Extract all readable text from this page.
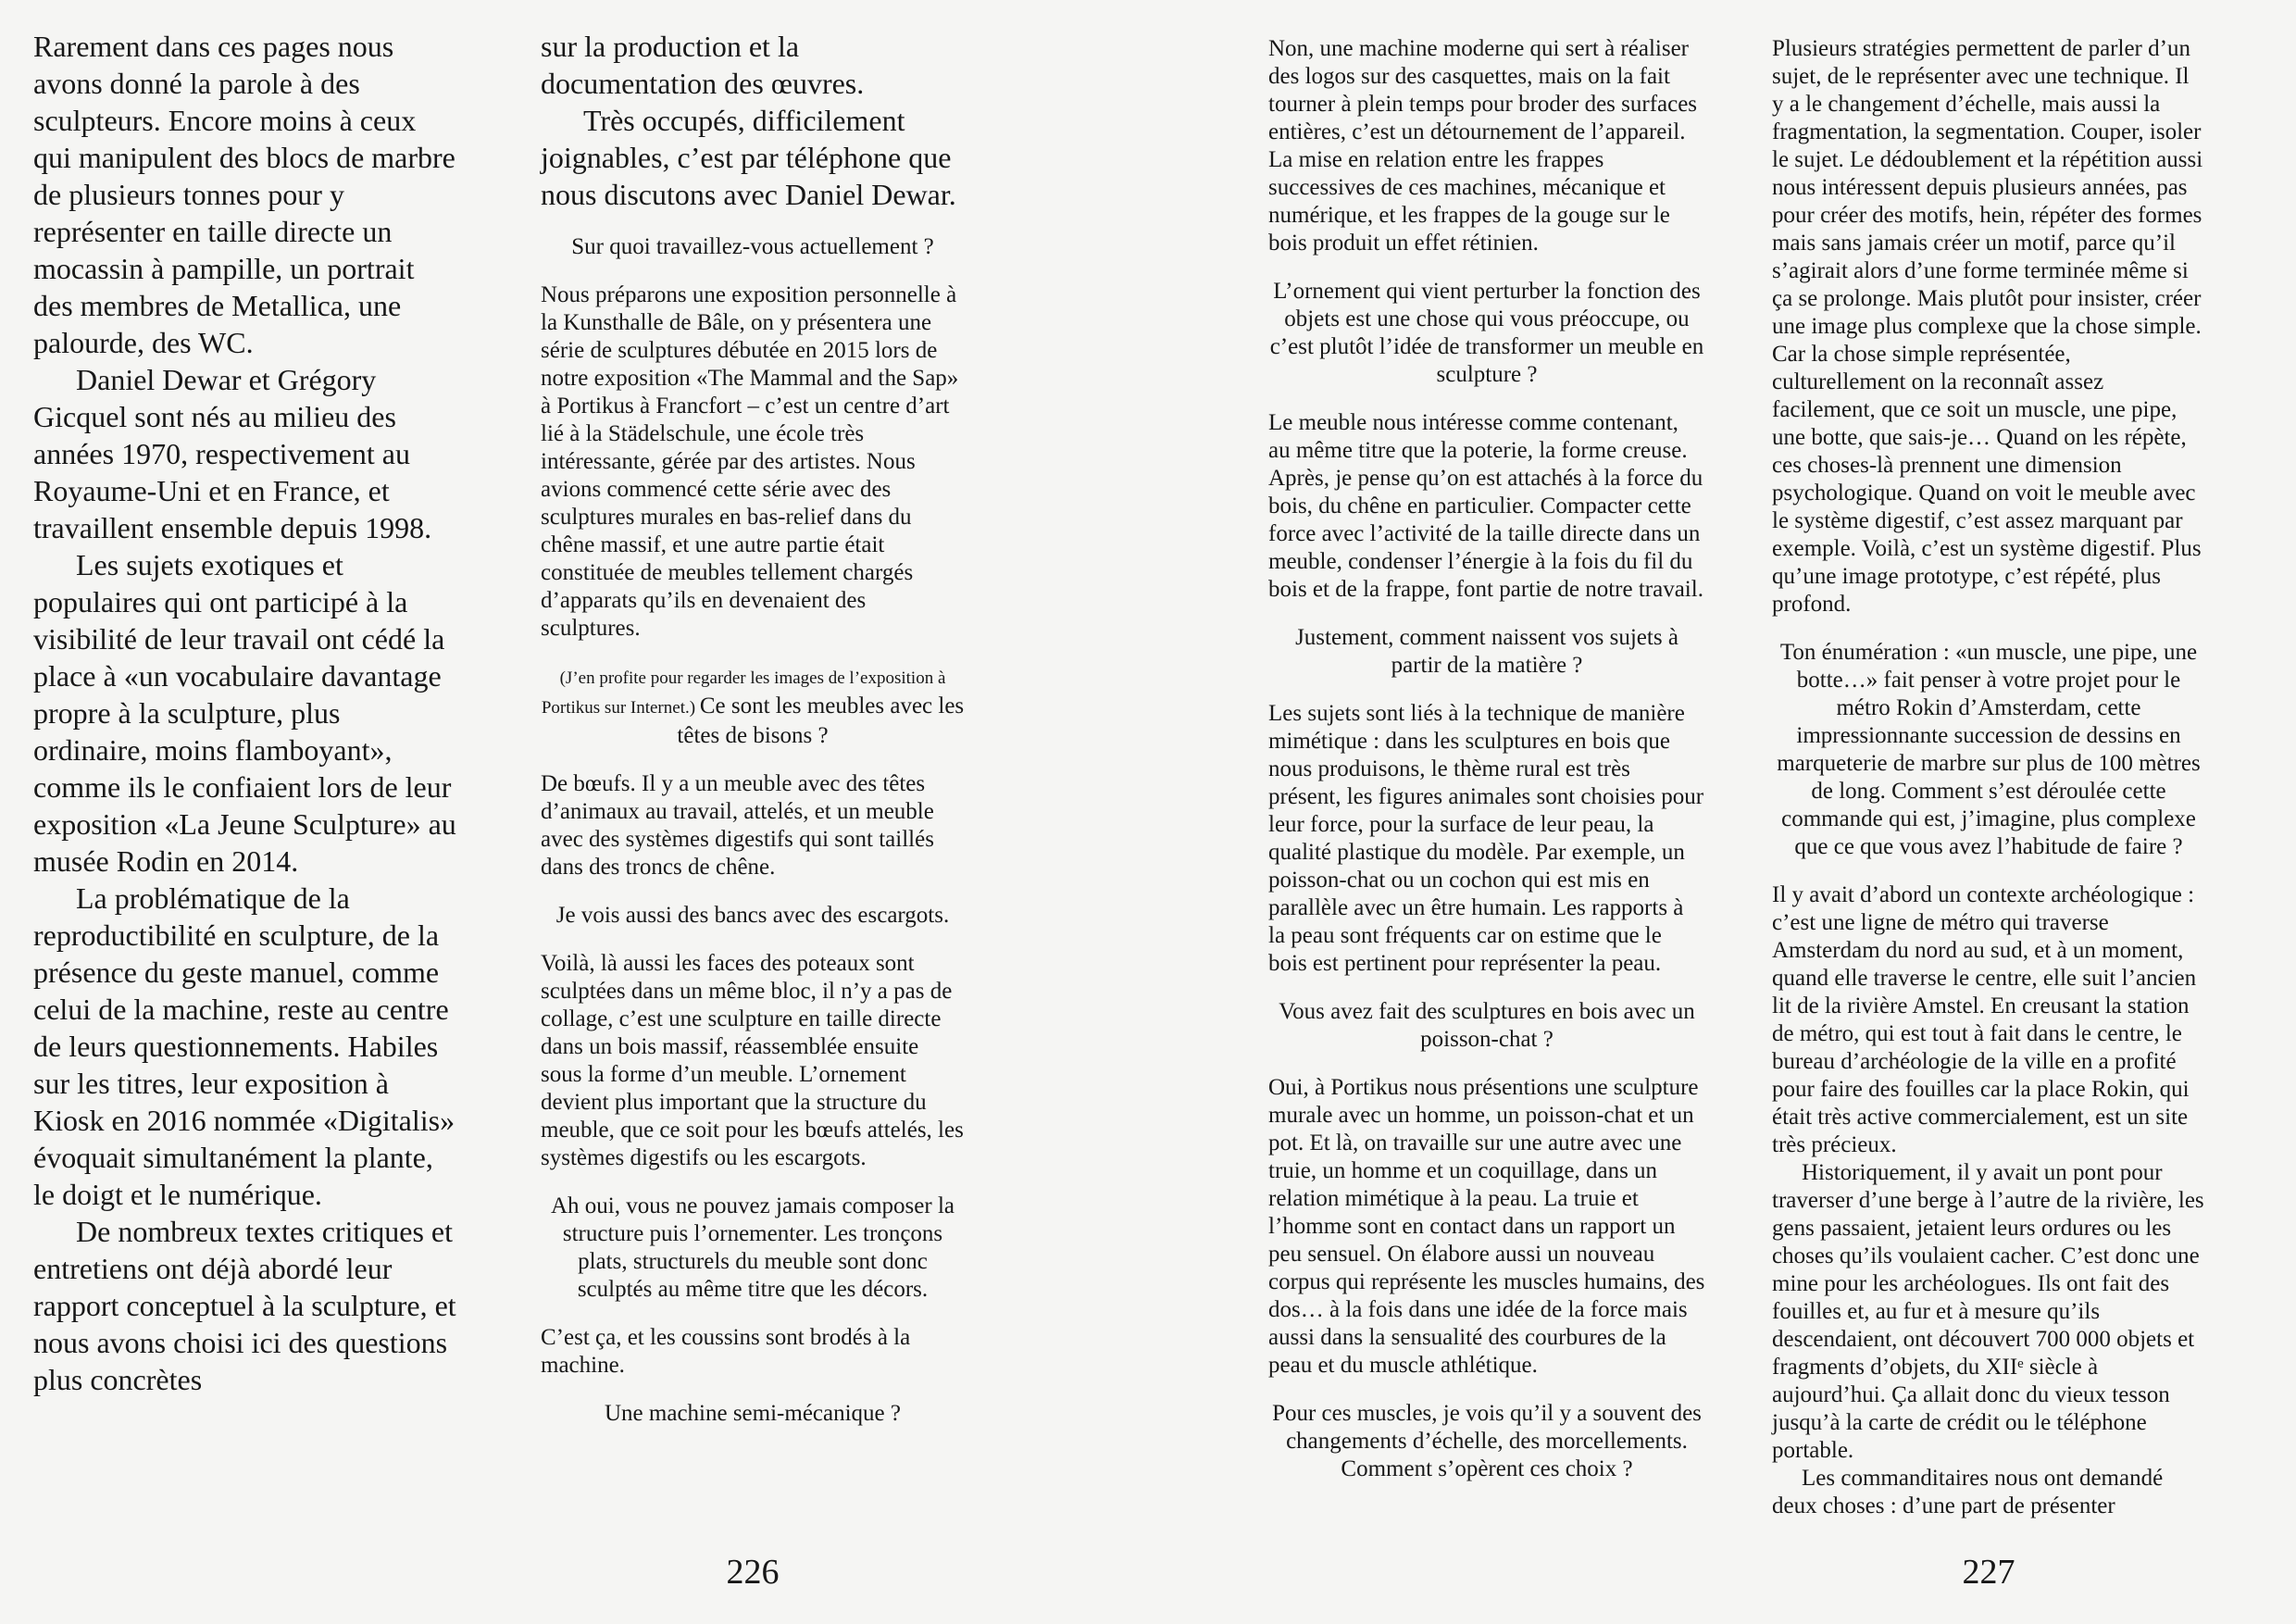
Rarement dans ces pages nous avons donné la parole à des sculpteurs. Encore moins à ceux qui manipulent des blocs de marbre de plusieurs tonnes pour y représenter en taille directe un mocassin à pampille, un portrait des membres de Metallica, une palourde, des WC.

Daniel Dewar et Grégory Gicquel sont nés au milieu des années 1970, respectivement au Royaume-Uni et en France, et travaillent ensemble depuis 1998.

Les sujets exotiques et populaires qui ont participé à la visibilité de leur travail ont cédé la place à «un vocabulaire davantage propre à la sculpture, plus ordinaire, moins flamboyant», comme ils le confiaient lors de leur exposition «La Jeune Sculpture» au musée Rodin en 2014.

La problématique de la reproductibilité en sculpture, de la présence du geste manuel, comme celui de la machine, reste au centre de leurs questionnements. Habiles sur les titres, leur exposition à Kiosk en 2016 nommée «Digitalis» évoquait simultanément la plante, le doigt et le numérique.

De nombreux textes critiques et entretiens ont déjà abordé leur rapport conceptuel à la sculpture, et nous avons choisi ici des questions plus concrètes

sur la production et la documentation des œuvres.

Très occupés, difficilement joignables, c’est par téléphone que nous discutons avec Daniel Dewar.

Sur quoi travaillez-vous actuellement ?

Nous préparons une exposition personnelle à la Kunsthalle de Bâle, on y présentera une série de sculptures débutée en 2015 lors de notre exposition «The Mammal and the Sap» à Portikus à Francfort – c’est un centre d’art lié à la Städelschule, une école très intéressante, gérée par des artistes. Nous avions commencé cette série avec des sculptures murales en bas-relief dans du chêne massif, et une autre partie était constituée de meubles tellement chargés d’apparats qu’ils en devenaient des sculptures.

(J’en profite pour regarder les images de l’exposition à Portikus sur Internet.) Ce sont les meubles avec les têtes de bisons ?

De bœufs. Il y a un meuble avec des têtes d’animaux au travail, attelés, et un meuble avec des systèmes digestifs qui sont taillés dans des troncs de chêne.

Je vois aussi des bancs avec des escargots.

Voilà, là aussi les faces des poteaux sont sculptées dans un même bloc, il n’y a pas de collage, c’est une sculpture en taille directe dans un bois massif, réassemblée ensuite sous la forme d’un meuble. L’ornement devient plus important que la structure du meuble, que ce soit pour les bœufs attelés, les systèmes digestifs ou les escargots.

Ah oui, vous ne pouvez jamais composer la structure puis l’ornementer. Les tronçons plats, structurels du meuble sont donc sculptés au même titre que les décors.

C’est ça, et les coussins sont brodés à la machine.

Une machine semi-mécanique ?

Non, une machine moderne qui sert à réaliser des logos sur des casquettes, mais on la fait tourner à plein temps pour broder des surfaces entières, c’est un détournement de l’appareil. La mise en relation entre les frappes successives de ces machines, mécanique et numérique, et les frappes de la gouge sur le bois produit un effet rétinien.

L’ornement qui vient perturber la fonction des objets est une chose qui vous préoccupe, ou c’est plutôt l’idée de transformer un meuble en sculpture ?

Le meuble nous intéresse comme contenant, au même titre que la poterie, la forme creuse. Après, je pense qu’on est attachés à la force du bois, du chêne en particulier. Compacter cette force avec l’activité de la taille directe dans un meuble, condenser l’énergie à la fois du fil du bois et de la frappe, font partie de notre travail.

Justement, comment naissent vos sujets à partir de la matière ?

Les sujets sont liés à la technique de manière mimétique : dans les sculptures en bois que nous produisons, le thème rural est très présent, les figures animales sont choisies pour leur force, pour la surface de leur peau, la qualité plastique du modèle. Par exemple, un poisson-chat ou un cochon qui est mis en parallèle avec un être humain. Les rapports à la peau sont fréquents car on estime que le bois est pertinent pour représenter la peau.

Vous avez fait des sculptures en bois avec un poisson-chat ?

Oui, à Portikus nous présentions une sculpture murale avec un homme, un poisson-chat et un pot. Et là, on travaille sur une autre avec une truie, un homme et un coquillage, dans un relation mimétique à la peau. La truie et l’homme sont en contact dans un rapport un peu sensuel. On élabore aussi un nouveau corpus qui représente les muscles humains, des dos… à la fois dans une idée de la force mais aussi dans la sensualité des courbures de la peau et du muscle athlétique.

Pour ces muscles, je vois qu’il y a souvent des changements d’échelle, des morcellements. Comment s’opèrent ces choix ?

Plusieurs stratégies permettent de parler d’un sujet, de le représenter avec une technique. Il y a le changement d’échelle, mais aussi la fragmentation, la segmentation. Couper, isoler le sujet. Le dédoublement et la répétition aussi nous intéressent depuis plusieurs années, pas pour créer des motifs, hein, répéter des formes mais sans jamais créer un motif, parce qu’il s’agirait alors d’une forme terminée même si ça se prolonge. Mais plutôt pour insister, créer une image plus complexe que la chose simple. Car la chose simple représentée, culturellement on la reconnaît assez facilement, que ce soit un muscle, une pipe, une botte, que sais-je… Quand on les répète, ces choses-là prennent une dimension psychologique. Quand on voit le meuble avec le système digestif, c’est assez marquant par exemple. Voilà, c’est un système digestif. Plus qu’une image prototype, c’est répété, plus profond.

Ton énumération : «un muscle, une pipe, une botte…» fait penser à votre projet pour le métro Rokin d’Amsterdam, cette impressionnante succession de dessins en marqueterie de marbre sur plus de 100 mètres de long. Comment s’est déroulée cette commande qui est, j’imagine, plus complexe que ce que vous avez l’habitude de faire ?

Il y avait d’abord un contexte archéologique : c’est une ligne de métro qui traverse Amsterdam du nord au sud, et à un moment, quand elle traverse le centre, elle suit l’ancien lit de la rivière Amstel. En creusant la station de métro, qui est tout à fait dans le centre, le bureau d’archéologie de la ville en a profité pour faire des fouilles car la place Rokin, qui était très active commercialement, est un site très précieux.

Historiquement, il y avait un pont pour traverser d’une berge à l’autre de la rivière, les gens passaient, jetaient leurs ordures ou les choses qu’ils voulaient cacher. C’est donc une mine pour les archéologues. Ils ont fait des fouilles et, au fur et à mesure qu’ils descendaient, ont découvert 700 000 objets et fragments d’objets, du XIIᵉ siècle à aujourd’hui. Ça allait donc du vieux tesson jusqu’à la carte de crédit ou le téléphone portable.

Les commanditaires nous ont demandé deux choses : d’une part de présenter

226	227
